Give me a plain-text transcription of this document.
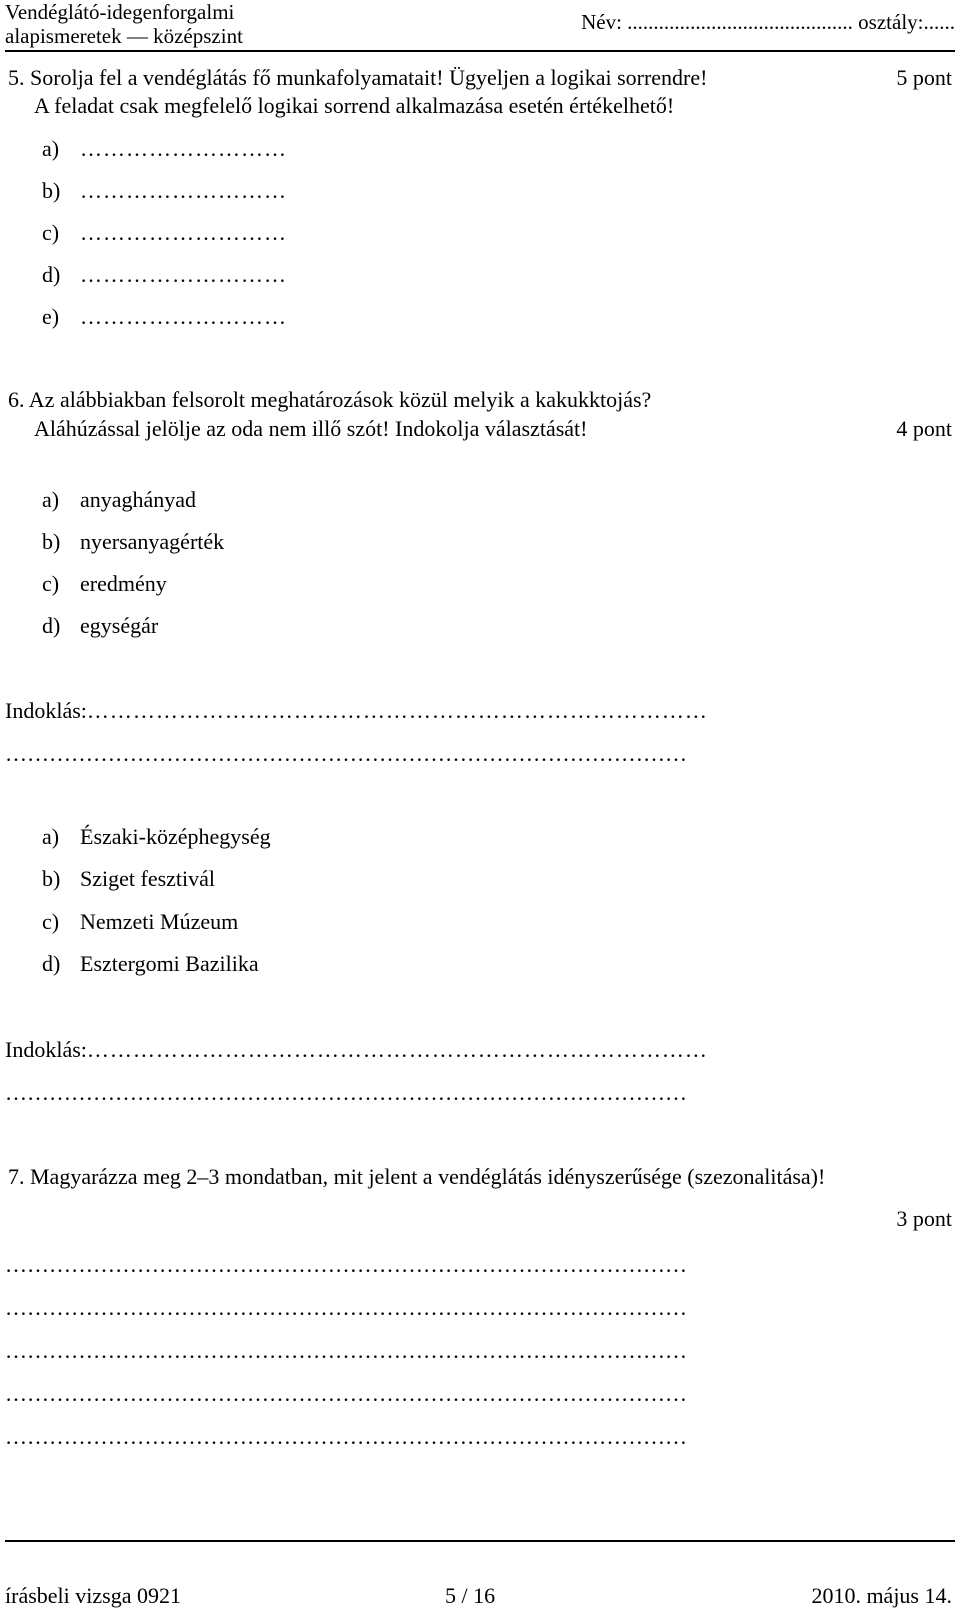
Vendéglátó-idegenforgalmi
alapismeretek — középszint
Név: ........................................... osztály:......
5. Sorolja fel a vendéglátás fő munkafolyamatait! Ügyeljen a logikai sorrendre!	5 pont
A feladat csak megfelelő logikai sorrend alkalmazása esetén értékelhető!
a) ………………………
b) ………………………
c) ………………………
d) ………………………
e) ………………………
6. Az alábbiakban felsorolt meghatározások közül melyik a kakukktojás?
Aláhúzással jelölje az oda nem illő szót! Indokolja választását!	4 pont
a) anyaghányad
b) nyersanyagérték
c) eredmény
d) egységár
Indoklás:………………………………………………………………………
…………………………………………………………………………………
a) Északi-középhegység
b) Sziget fesztivál
c) Nemzeti Múzeum
d) Esztergomi Bazilika
Indoklás:………………………………………………………………………
…………………………………………………………………………………
7. Magyarázza meg 2–3 mondatban, mit jelent a vendéglátás idényszerűsége (szezonalitása)!
3 pont
…………………………………………………………………………………
…………………………………………………………………………………
…………………………………………………………………………………
…………………………………………………………………………………
…………………………………………………………………………………
írásbeli vizsga 0921	5 / 16	2010. május 14.
